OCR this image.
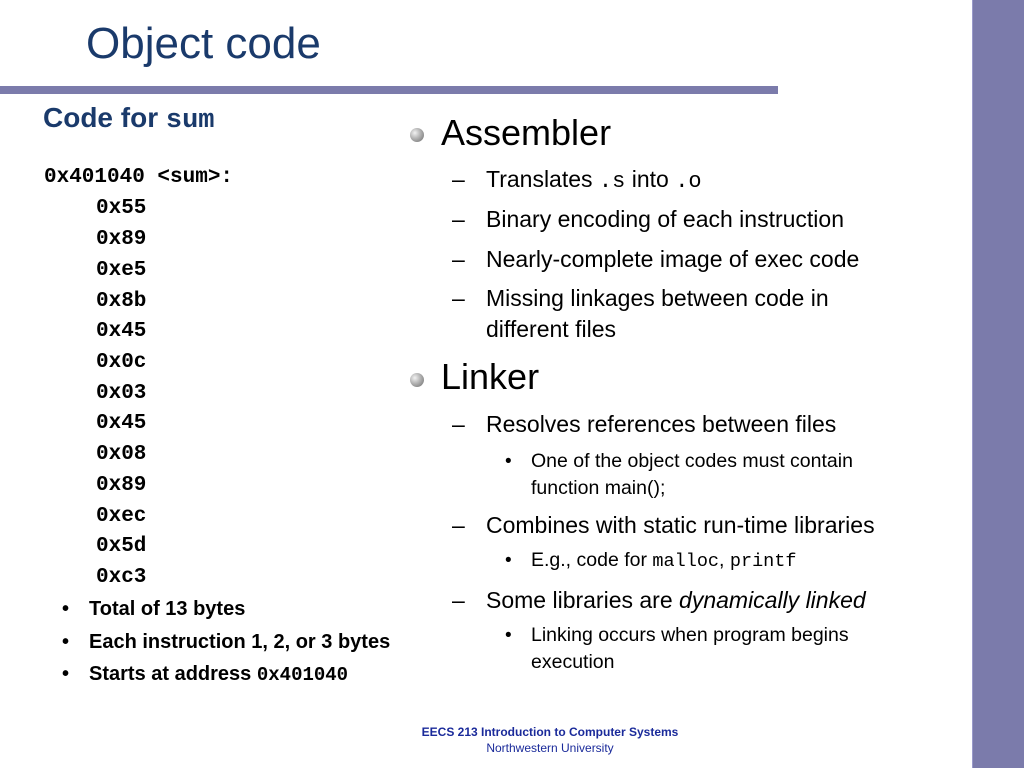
Object code
Code for sum
0x401040 <sum>:
0x55
0x89
0xe5
0x8b
0x45
0x0c
0x03
0x45
0x08
0x89
0xec
0x5d
0xc3
• Total of 13 bytes
• Each instruction 1, 2, or 3 bytes
• Starts at address 0x401040
Assembler
– Translates .s into .o
– Binary encoding of each instruction
– Nearly-complete image of exec code
– Missing linkages between code in
different files
Linker
– Resolves references between files
• One of the object codes must contain
function main();
– Combines with static run-time libraries
• E.g., code for malloc, printf
– Some libraries are dynamically linked
• Linking occurs when program begins
execution
EECS 213 Introduction to Computer Systems
Northwestern University
